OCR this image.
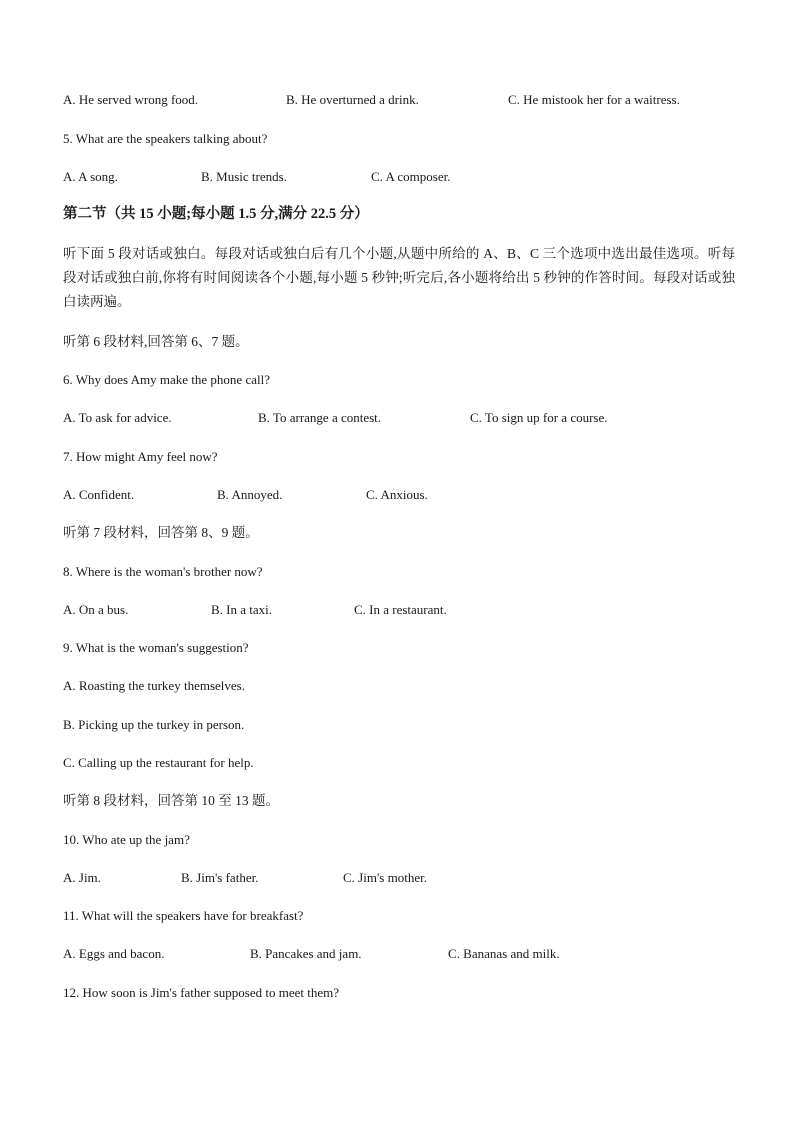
A. He served wrong food.	B. He overturned a drink.	C. He mistook her for a waitress.
5. What are the speakers talking about?
A. A song.	B. Music trends.	C. A composer.
第二节（共 15 小题;每小题 1.5 分,满分 22.5 分）
听下面 5 段对话或独白。每段对话或独白后有几个小题,从题中所给的 A、B、C 三个选项中选出最佳选项。听每段对话或独白前,你将有时间阅读各个小题,每小题 5 秒钟;听完后,各小题将给出 5 秒钟的作答时间。每段对话或独白读两遍。
听第 6 段材料,回答第 6、7 题。
6. Why does Amy make the phone call?
A. To ask for advice.	B. To arrange a contest.	C. To sign up for a course.
7. How might Amy feel now?
A. Confident.	B. Annoyed.	C. Anxious.
听第 7 段材料，回答第 8、9 题。
8. Where is the woman's brother now?
A. On a bus.	B. In a taxi.	C. In a restaurant.
9. What is the woman's suggestion?
A. Roasting the turkey themselves.
B. Picking up the turkey in person.
C. Calling up the restaurant for help.
听第 8 段材料，回答第 10 至 13 题。
10. Who ate up the jam?
A. Jim.	B. Jim's father.	C. Jim's mother.
11. What will the speakers have for breakfast?
A. Eggs and bacon.	B. Pancakes and jam.	C. Bananas and milk.
12. How soon is Jim's father supposed to meet them?
